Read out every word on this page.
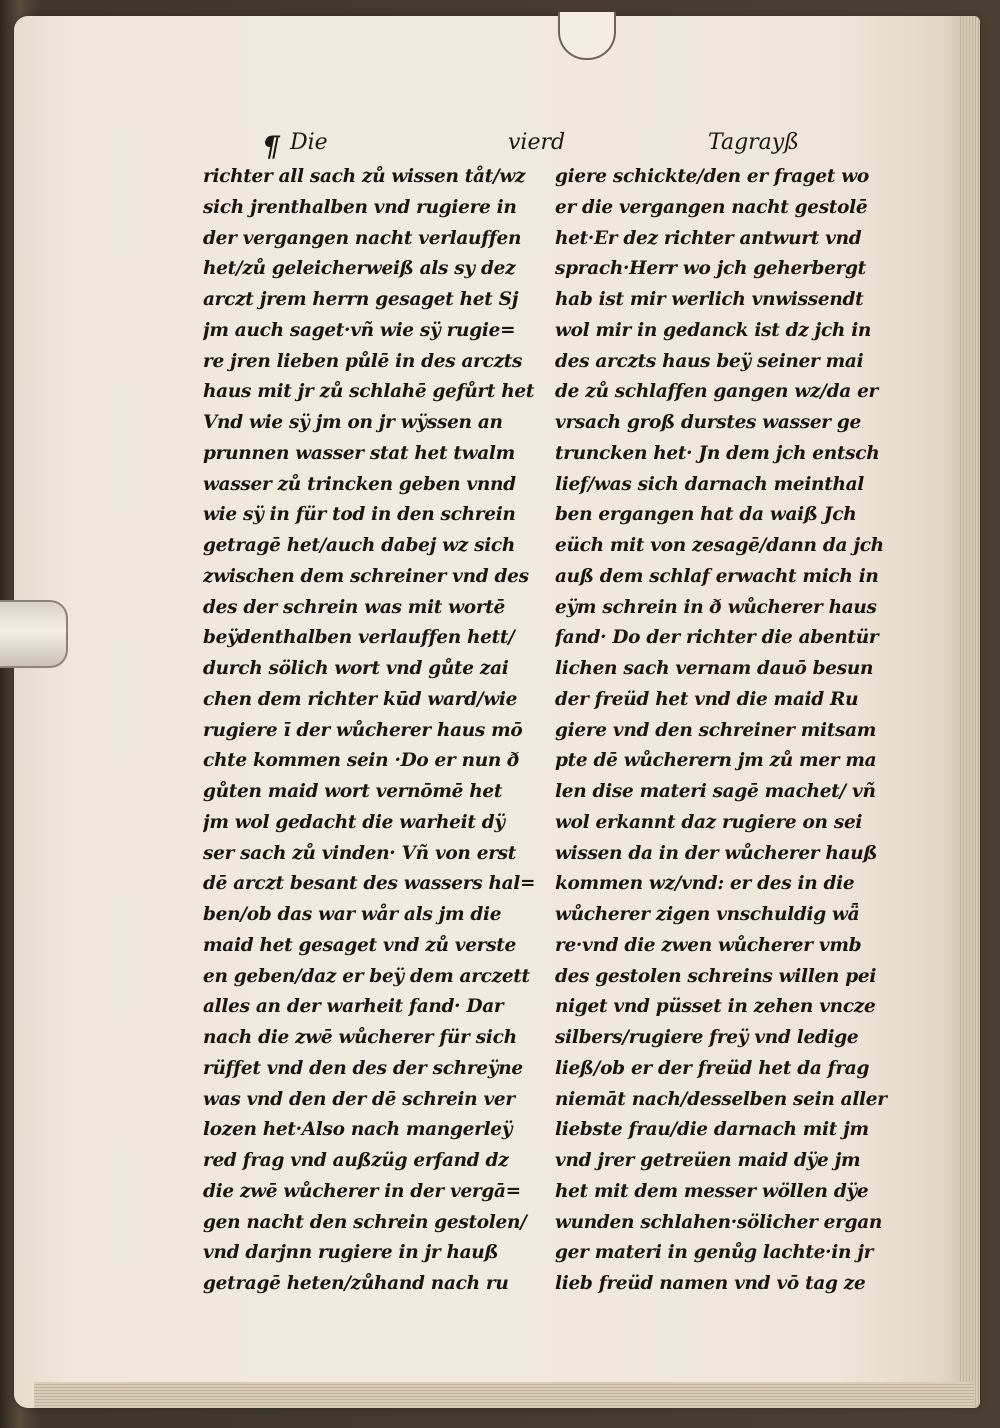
¶ Die	vierd	Tagrayß
richter all sach zů wissen tåt/wz
sich jrenthalben vnd rugiere in
der vergangen nacht verlauffen
het/zů geleicherweiß als sy dez
arczt jrem herrn gesaget het Sj
jm auch saget·vñ wie sÿ rugie=
re jren lieben půlē in des arczts
haus mit jr zů schlahē gefůrt het
Vnd wie sÿ jm on jr wÿssen an
prunnen wasser stat het twalm
wasser zů trincken geben vnnd
wie sÿ in für tod in den schrein
getragē het/auch dabej wz sich
zwischen dem schreiner vnd des
des der schrein was mit wortē
beÿdenthalben verlauffen hett/
durch sölich wort vnd gůte zai
chen dem richter kūd ward/wie
rugiere ī der wůcherer haus mō
chte kommen sein ·Do er nun ð
gůten maid wort vernōmē het
jm wol gedacht die warheit dÿ
ser sach zů vinden· Vñ von erst
dē arczt besant des wassers hal=
ben/ob das war wår als jm die
maid het gesaget vnd zů verste
en geben/daz er beÿ dem arczett
alles an der warheit fand· Dar
nach die zwē wůcherer für sich
rüffet vnd den des der schreÿne
was vnd den der dē schrein ver
lozen het·Also nach mangerleÿ
red frag vnd außzüg erfand dz
die zwē wůcherer in der vergā=
gen nacht den schrein gestolen/
vnd darjnn rugiere in jr hauß
getragē heten/zůhand nach ru
giere schickte/den er fraget wo
er die vergangen nacht gestolē
het·Er dez richter antwurt vnd
sprach·Herr wo jch geherbergt
hab ist mir werlich vnwissendt
wol mir in gedanck ist dz jch in
des arczts haus beÿ seiner mai
de zů schlaffen gangen wz/da er
vrsach groß durstes wasser ge
truncken het· Jn dem jch entsch
lief/was sich darnach meinthal
ben ergangen hat da waiß Jch
eüch mit von zesagē/dann da jch
auß dem schlaf erwacht mich in
eÿm schrein in ð wůcherer haus
fand· Do der richter die abentür
lichen sach vernam dauō besun
der freüd het vnd die maid Ru
giere vnd den schreiner mitsam
pte dē wůcherern jm zů mer ma
len dise materi sagē machet/ vñ
wol erkannt daz rugiere on sei
wissen da in der wůcherer hauß
kommen wz/vnd: er des in die
wůcherer zigen vnschuldig wǟ
re·vnd die zwen wůcherer vmb
des gestolen schreins willen pei
niget vnd püsset in zehen vncze
silbers/rugiere freÿ vnd ledige
ließ/ob er der freüd het da frag
niemāt nach/desselben sein aller
liebste frau/die darnach mit jm
vnd jrer getreüen maid dÿe jm
het mit dem messer wöllen dÿe
wunden schlahen·sölicher ergan
ger materi in genůg lachte·in jr
lieb freüd namen vnd vō tag ze
